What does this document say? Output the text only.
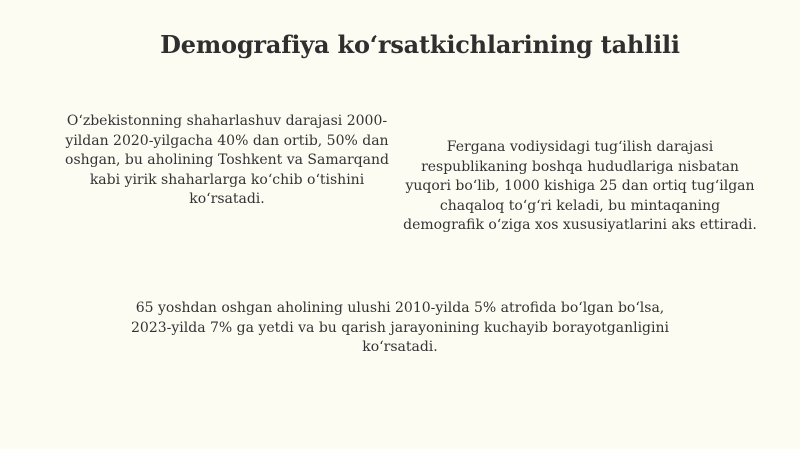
Demografiya koʻrsatkichlarining tahlili
Oʻzbekistonning shaharlashuv darajasi 2000-yildan 2020-yilgacha 40% dan ortib, 50% dan oshgan, bu aholining Toshkent va Samarqand kabi yirik shaharlarga koʻchib oʻtishini koʻrsatadi.
Fergana vodiysidagi tugʻilish darajasi respublikaning boshqa hududlariga nisbatan yuqori boʻlib, 1000 kishiga 25 dan ortiq tugʻilgan chaqaloq toʻgʻri keladi, bu mintaqaning demografik oʻziga xos xususiyatlarini aks ettiradi.
65 yoshdan oshgan aholining ulushi 2010-yilda 5% atrofida boʻlgan boʻlsa, 2023-yilda 7% ga yetdi va bu qarish jarayonining kuchayib borayotganligini koʻrsatadi.
